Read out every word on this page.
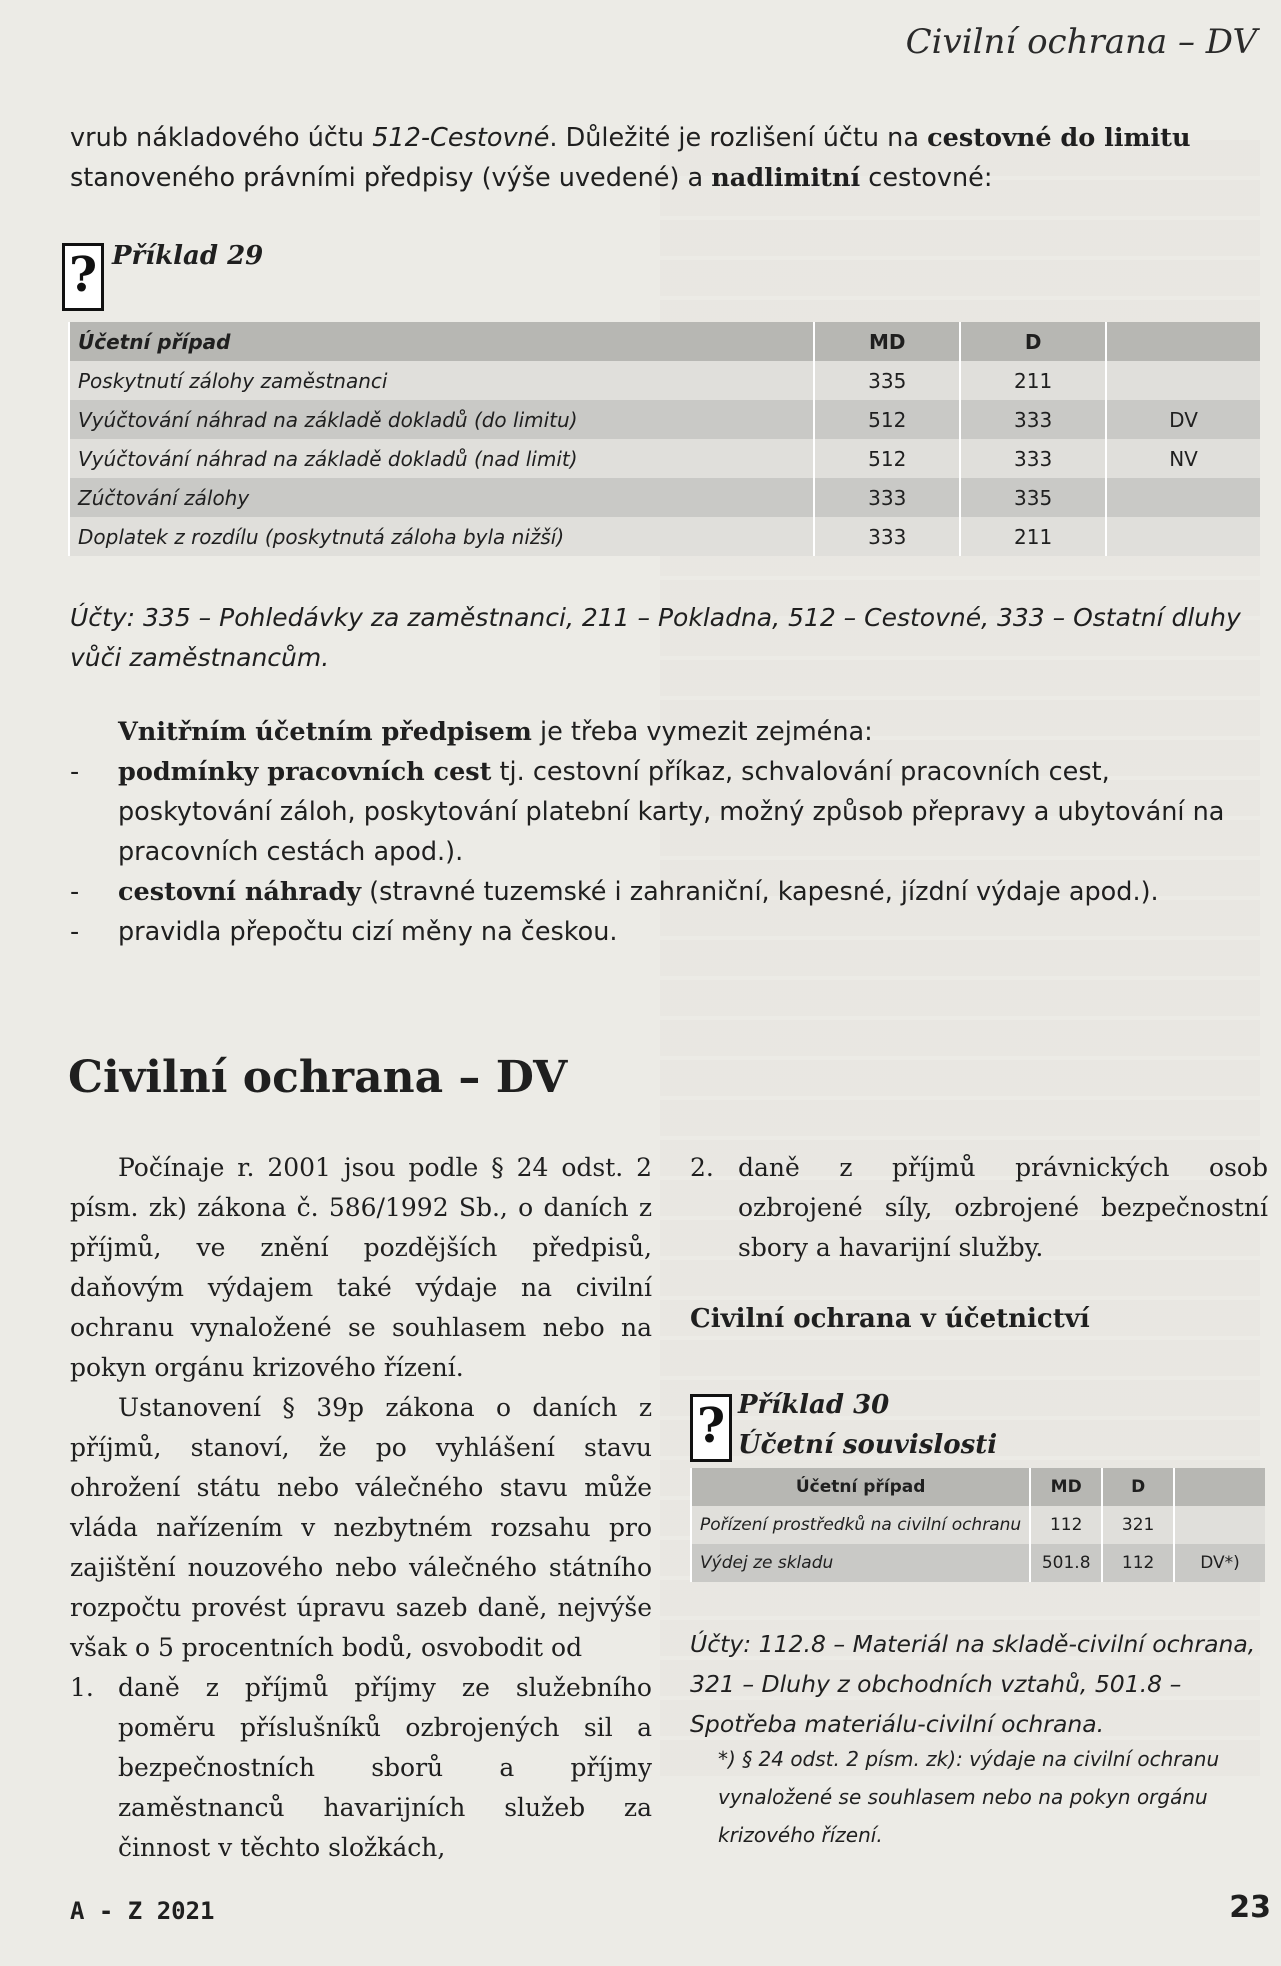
Civilní ochrana – DV
vrub nákladového účtu 512-Cestovné. Důležité je rozlišení účtu na cestovné do limitu stanoveného právními předpisy (výše uvedené) a nadlimitní cestovné:
? Příklad 29
Účetní případ	MD	D	
Poskytnutí zálohy zaměstnanci	335	211	
Vyúčtování náhrad na základě dokladů (do limitu)	512	333	DV
Vyúčtování náhrad na základě dokladů (nad limit)	512	333	NV
Zúčtování zálohy	333	335	
Doplatek z rozdílu (poskytnutá záloha byla nižší)	333	211	
Účty: 335 – Pohledávky za zaměstnanci, 211 – Pokladna, 512 – Cestovné, 333 – Ostatní dluhy vůči zaměstnancům.

Vnitřním účetním předpisem je třeba vymezit zejména:

- podmínky pracovních cest tj. cestovní příkaz, schvalování pracovních cest, poskytování záloh, poskytování platební karty, možný způsob přepravy a ubytování na pracovních cestách apod.).
- cestovní náhrady (stravné tuzemské i zahraniční, kapesné, jízdní výdaje apod.).
- pravidla přepočtu cizí měny na českou.
Civilní ochrana – DV

Počínaje r. 2001 jsou podle § 24 odst. 2 písm. zk) zákona č. 586/1992 Sb., o daních z příjmů, ve znění pozdějších předpisů, daňovým výdajem také výdaje na civilní ochranu vynaložené se souhlasem nebo na pokyn orgánu krizového řízení.

Ustanovení § 39p zákona o daních z příjmů, stanoví, že po vyhlášení stavu ohrožení státu nebo válečného stavu může vláda nařízením v nezbytném rozsahu pro zajištění nouzového nebo válečného státního rozpočtu provést úpravu sazeb daně, nejvýše však o 5 procentních bodů, osvobodit od

1. daně z příjmů příjmy ze služebního poměru příslušníků ozbrojených sil a bezpečnostních sborů a příjmy zaměstnanců havarijních služeb za činnost v těchto složkách,
2. daně z příjmů právnických osob ozbrojené síly, ozbrojené bezpečnostní sbory a havarijní služby.
Civilní ochrana v účetnictví
? Příklad 30
Účetní souvislosti
Účetní případ	MD	D	
Pořízení prostředků na civilní ochranu	112	321	
Výdej ze skladu	501.8	112	DV*)

Účty: 112.8 – Materiál na skladě-civilní ochrana, 321 – Dluhy z obchodních vztahů, 501.8 – Spotřeba materiálu-civilní ochrana.

*) § 24 odst. 2 písm. zk): výdaje na civilní ochranu vynaložené se souhlasem nebo na pokyn orgánu krizového řízení.
A - Z 2021	23
